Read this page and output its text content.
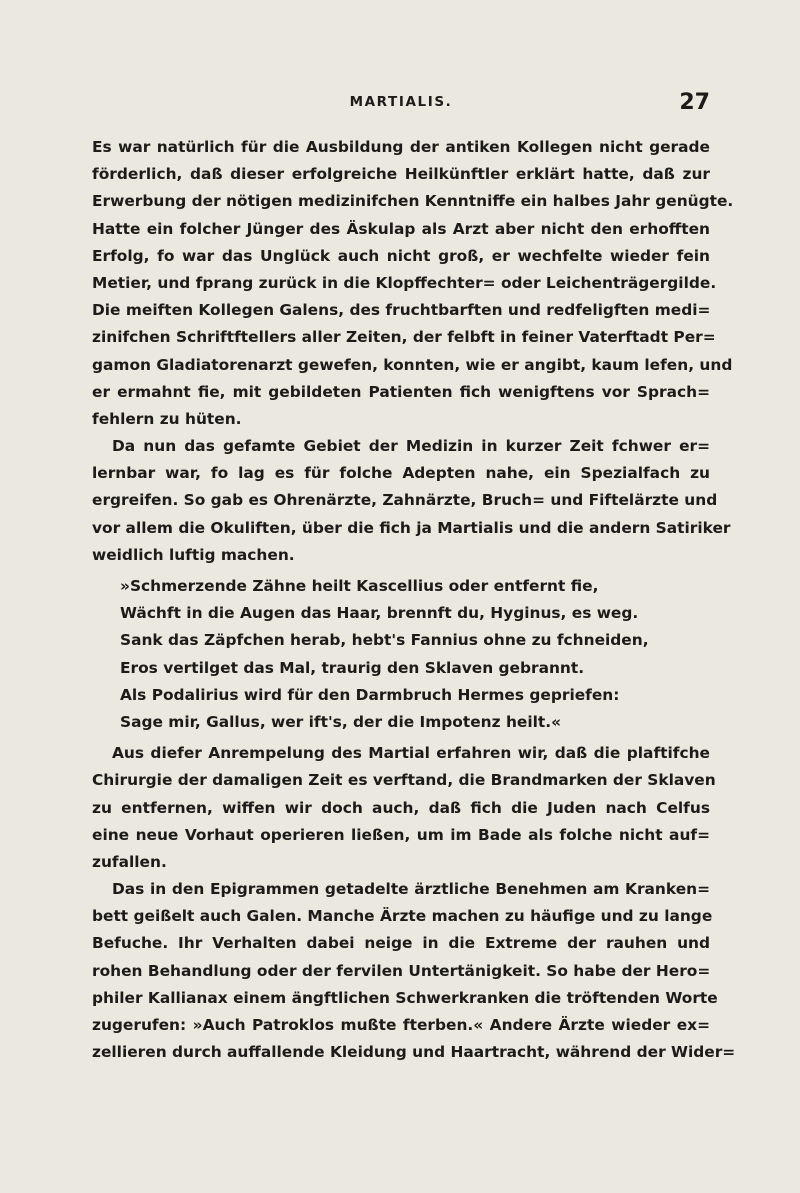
MARTIALIS.	27
Es war natürlich für die Ausbildung der antiken Kollegen nicht gerade
förderlich, daß dieser erfolgreiche Heilkünftler erklärt hatte, daß zur
Erwerbung der nötigen medizinifchen Kenntniffe ein halbes Jahr genügte.
Hatte ein folcher Jünger des Äskulap als Arzt aber nicht den erhofften
Erfolg, fo war das Unglück auch nicht groß, er wechfelte wieder fein
Metier, und fprang zurück in die Klopffechter= oder Leichenträgergilde.
Die meiften Kollegen Galens, des fruchtbarften und redfeligften medi=
zinifchen Schriftftellers aller Zeiten, der felbft in feiner Vaterftadt Per=
gamon Gladiatorenarzt gewefen, konnten, wie er angibt, kaum lefen, und
er ermahnt fie, mit gebildeten Patienten fich wenigftens vor Sprach=
fehlern zu hüten.
Da nun das gefamte Gebiet der Medizin in kurzer Zeit fchwer er=
lernbar war, fo lag es für folche Adepten nahe, ein Spezialfach zu
ergreifen. So gab es Ohrenärzte, Zahnärzte, Bruch= und Fiftelärzte und
vor allem die Okuliften, über die fich ja Martialis und die andern Satiriker
weidlich luftig machen.
»Schmerzende Zähne heilt Kascellius oder entfernt fie,
Wächft in die Augen das Haar, brennft du, Hyginus, es weg.
Sank das Zäpfchen herab, hebt's Fannius ohne zu fchneiden,
Eros vertilget das Mal, traurig den Sklaven gebrannt.
Als Podalirius wird für den Darmbruch Hermes gepriefen:
Sage mir, Gallus, wer ift's, der die Impotenz heilt.«
Aus diefer Anrempelung des Martial erfahren wir, daß die plaftifche
Chirurgie der damaligen Zeit es verftand, die Brandmarken der Sklaven
zu entfernen, wiffen wir doch auch, daß fich die Juden nach Celfus
eine neue Vorhaut operieren ließen, um im Bade als folche nicht auf=
zufallen.
Das in den Epigrammen getadelte ärztliche Benehmen am Kranken=
bett geißelt auch Galen. Manche Ärzte machen zu häufige und zu lange
Befuche. Ihr Verhalten dabei neige in die Extreme der rauhen und
rohen Behandlung oder der fervilen Untertänigkeit. So habe der Hero=
philer Kallianax einem ängftlichen Schwerkranken die tröftenden Worte
zugerufen: »Auch Patroklos mußte fterben.« Andere Ärzte wieder ex=
zellieren durch auffallende Kleidung und Haartracht, während der Wider=
